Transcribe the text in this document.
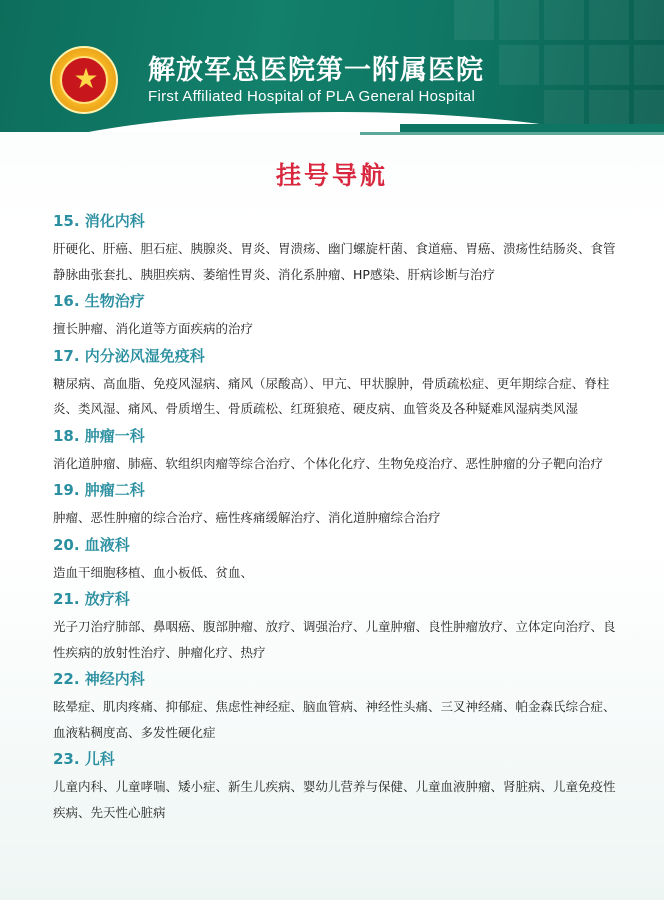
★	解放军总医院第一附属医院
First Affiliated Hospital of PLA General Hospital
挂号导航
15. 消化内科
肝硬化、肝癌、胆石症、胰腺炎、胃炎、胃溃疡、幽门螺旋杆菌、食道癌、胃癌、溃疡性结肠炎、食管静脉曲张套扎、胰胆疾病、萎缩性胃炎、消化系肿瘤、HP感染、肝病诊断与治疗
16. 生物治疗
擅长肿瘤、消化道等方面疾病的治疗
17. 内分泌风湿免疫科
糖尿病、高血脂、免疫风湿病、痛风（尿酸高）、甲亢、甲状腺肿，骨质疏松症、更年期综合症、脊柱炎、类风湿、痛风、骨质增生、骨质疏松、红斑狼疮、硬皮病、血管炎及各种疑难风湿病类风湿
18. 肿瘤一科
消化道肿瘤、肺癌、软组织肉瘤等综合治疗、个体化化疗、生物免疫治疗、恶性肿瘤的分子靶向治疗
19. 肿瘤二科
肿瘤、恶性肿瘤的综合治疗、癌性疼痛缓解治疗、消化道肿瘤综合治疗
20. 血液科
造血干细胞移植、血小板低、贫血、
21. 放疗科
光子刀治疗肺部、鼻咽癌、腹部肿瘤、放疗、调强治疗、儿童肿瘤、良性肿瘤放疗、立体定向治疗、良性疾病的放射性治疗、肿瘤化疗、热疗
22. 神经内科
眩晕症、肌肉疼痛、抑郁症、焦虑性神经症、脑血管病、神经性头痛、三叉神经痛、帕金森氏综合症、血液粘稠度高、多发性硬化症
23. 儿科
儿童内科、儿童哮喘、矮小症、新生儿疾病、婴幼儿营养与保健、儿童血液肿瘤、肾脏病、儿童免疫性疾病、先天性心脏病
